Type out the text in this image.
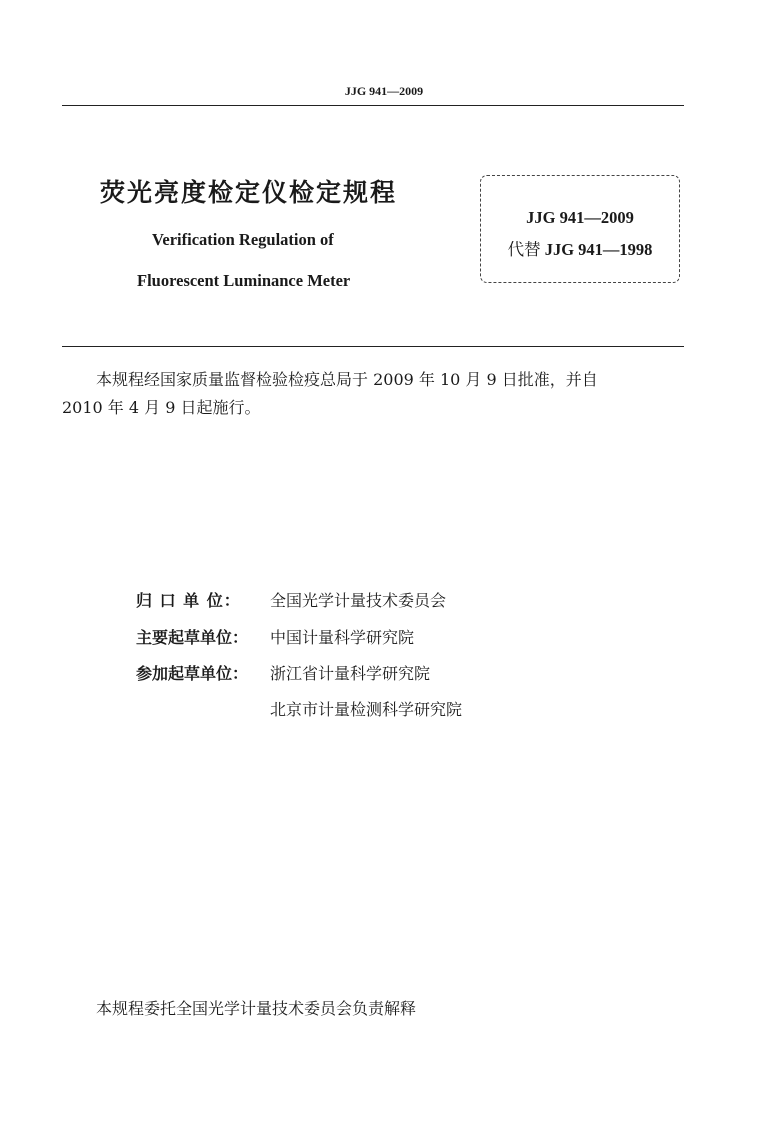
JJG 941—2009
荧光亮度检定仪检定规程
Verification Regulation of
Fluorescent Luminance Meter
JJG 941—2009
代替 JJG 941—1998
本规程经国家质量监督检验检疫总局于 2009 年 10 月 9 日批准，并自
2010 年 4 月 9 日起施行。
归 口 单 位： 全国光学计量技术委员会
主要起草单位： 中国计量科学研究院
参加起草单位： 浙江省计量科学研究院
北京市计量检测科学研究院
本规程委托全国光学计量技术委员会负责解释
